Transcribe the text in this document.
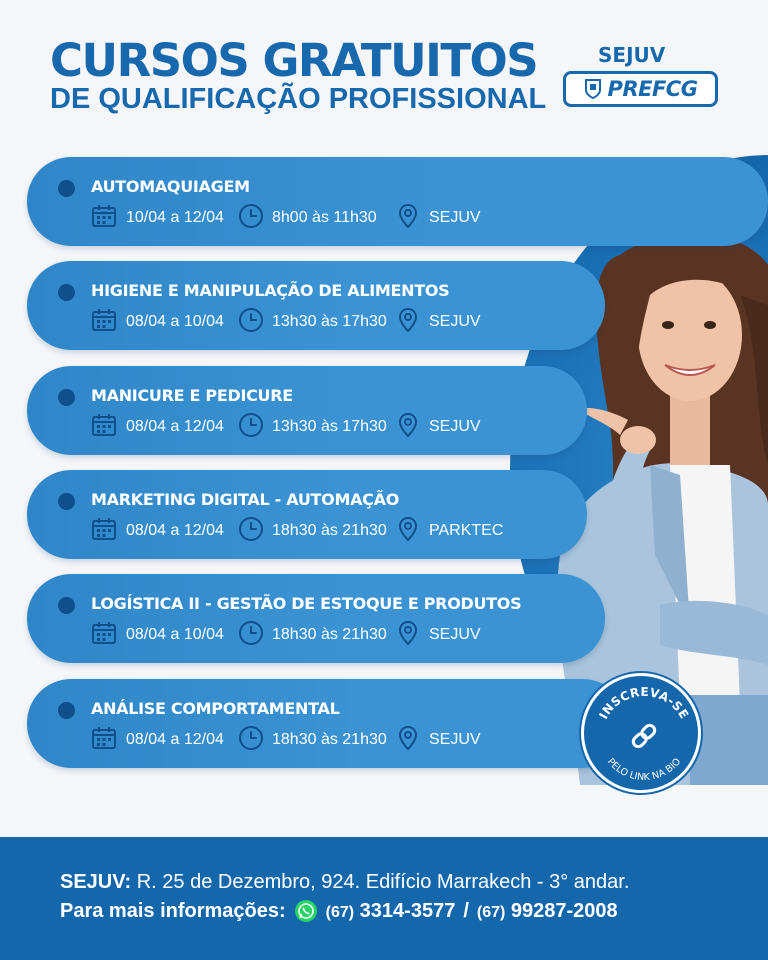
CURSOS GRATUITOS
DE QUALIFICAÇÃO PROFISSIONAL
SEJUV
PREFCG
AUTOMAQUIAGEM
10/04 a 12/04	8h00 às 11h30	SEJUV
HIGIENE E MANIPULAÇÃO DE ALIMENTOS
08/04 a 10/04	13h30 às 17h30	SEJUV
MANICURE E PEDICURE
08/04 a 12/04	13h30 às 17h30	SEJUV
MARKETING DIGITAL - AUTOMAÇÃO
08/04 a 12/04	18h30 às 21h30	PARKTEC
LOGÍSTICA II - GESTÃO DE ESTOQUE E PRODUTOS
08/04 a 10/04	18h30 às 21h30	SEJUV
ANÁLISE COMPORTAMENTAL
08/04 a 12/04	18h30 às 21h30	SEJUV
INSCREVA-SE
PELO LINK NA BIO
SEJUV: R. 25 de Dezembro, 924. Edifício Marrakech - 3° andar.
Para mais informações:	(67) 3314-3577 / (67) 99287-2008
